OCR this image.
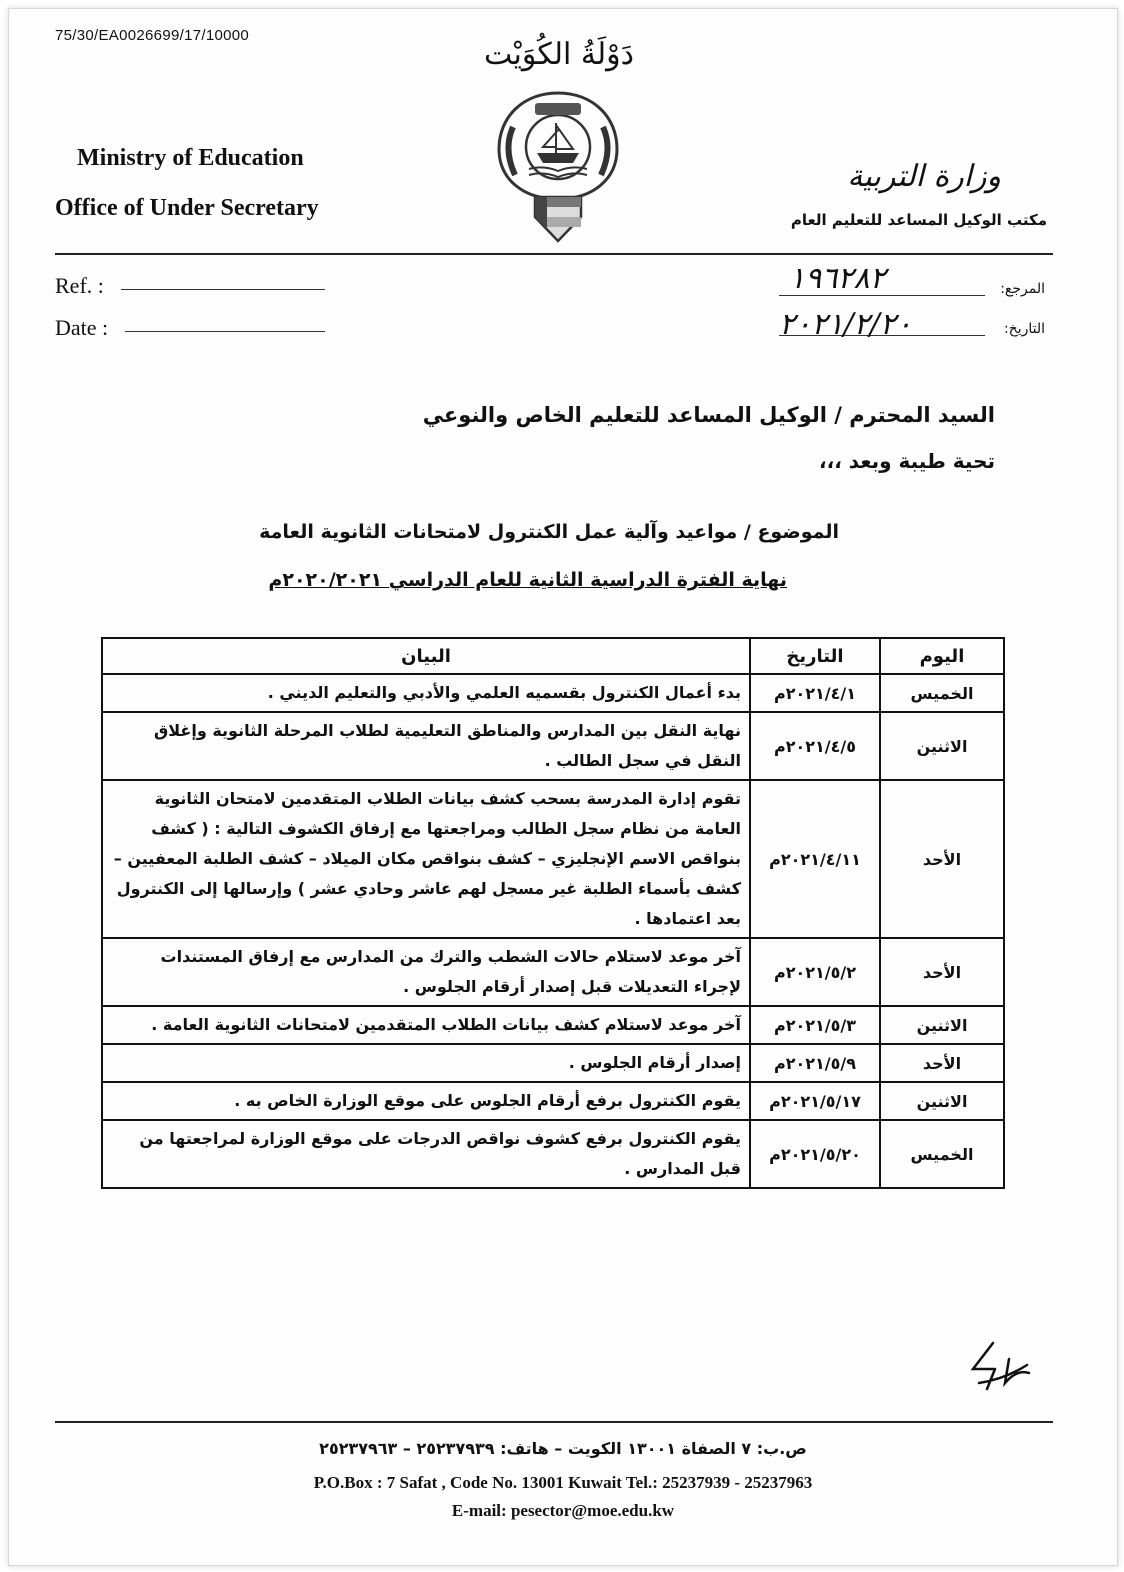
75/30/EA0026699/17/10000
دَوْلَةُ الكُوَيْت
Ministry of Education
Office of Under Secretary
وزارة التربية
مكتب الوكيل المساعد للتعليم العام
Ref. :
Date :
المرجع:
التاريخ:
١٩٦٢٨٢
٢٠٢١/٢/٢٠
السيد المحترم / الوكيل المساعد للتعليم الخاص والنوعي
تحية طيبة وبعد ،،،
الموضوع / مواعيد وآلية عمل الكنترول لامتحانات الثانوية العامة
نهاية الفترة الدراسية الثانية للعام الدراسي ٢٠٢٠/٢٠٢١م
اليوم	التاريخ	البيان
الخميس	٢٠٢١/٤/١م	بدء أعمال الكنترول بقسميه العلمي والأدبي والتعليم الديني .
الاثنين	٢٠٢١/٤/٥م	نهاية النقل بين المدارس والمناطق التعليمية لطلاب المرحلة الثانوية وإغلاق النقل في سجل الطالب .
الأحد	٢٠٢١/٤/١١م	تقوم إدارة المدرسة بسحب كشف بيانات الطلاب المتقدمين لامتحان الثانوية العامة من نظام سجل الطالب ومراجعتها مع إرفاق الكشوف التالية : ( كشف بنواقص الاسم الإنجليزي – كشف بنواقص مكان الميلاد – كشف الطلبة المعفيين – كشف بأسماء الطلبة غير مسجل لهم عاشر وحادي عشر ) وإرسالها إلى الكنترول بعد اعتمادها .
الأحد	٢٠٢١/٥/٢م	آخر موعد لاستلام حالات الشطب والترك من المدارس مع إرفاق المستندات لإجراء التعديلات قبل إصدار أرقام الجلوس .
الاثنين	٢٠٢١/٥/٣م	آخر موعد لاستلام كشف بيانات الطلاب المتقدمين لامتحانات الثانوية العامة .
الأحد	٢٠٢١/٥/٩م	إصدار أرقام الجلوس .
الاثنين	٢٠٢١/٥/١٧م	يقوم الكنترول برفع أرقام الجلوس على موقع الوزارة الخاص به .
الخميس	٢٠٢١/٥/٢٠م	يقوم الكنترول برفع كشوف نواقص الدرجات على موقع الوزارة لمراجعتها من قبل المدارس .
ص.ب: ٧ الصفاة ١٣٠٠١ الكويت – هاتف: ٢٥٢٣٧٩٣٩ – ٢٥٢٣٧٩٦٣
P.O.Box : 7 Safat , Code No. 13001 Kuwait Tel.: 25237939 - 25237963
E-mail: pesector@moe.edu.kw
